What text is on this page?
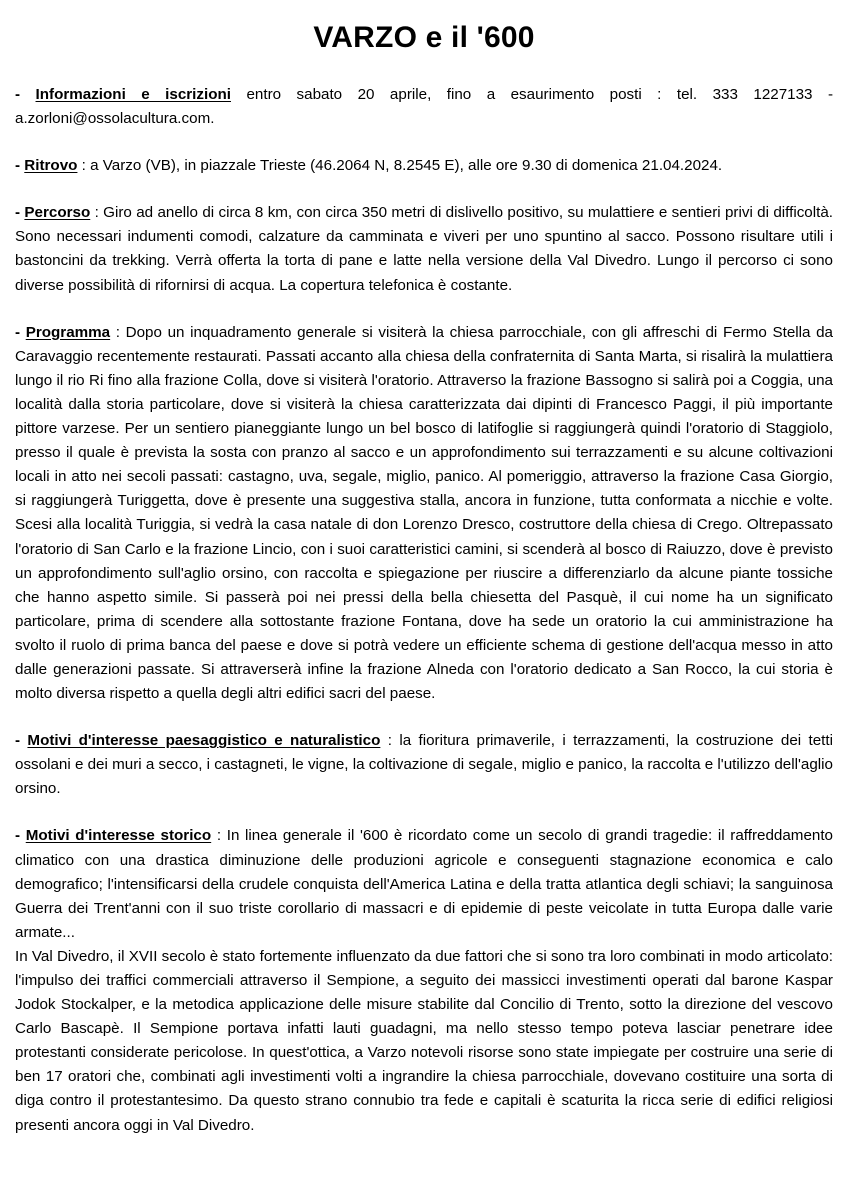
VARZO e il '600

- Informazioni e iscrizioni entro sabato 20 aprile, fino a esaurimento posti : tel. 333 1227133 - a.zorloni@ossolacultura.com.

- Ritrovo : a Varzo (VB), in piazzale Trieste (46.2064 N, 8.2545 E), alle ore 9.30 di domenica 21.04.2024.

- Percorso : Giro ad anello di circa 8 km, con circa 350 metri di dislivello positivo, su mulattiere e sentieri privi di difficoltà. Sono necessari indumenti comodi, calzature da camminata e viveri per uno spuntino al sacco. Possono risultare utili i bastoncini da trekking. Verrà offerta la torta di pane e latte nella versione della Val Divedro. Lungo il percorso ci sono diverse possibilità di rifornirsi di acqua. La copertura telefonica è costante.

- Programma : Dopo un inquadramento generale si visiterà la chiesa parrocchiale, con gli affreschi di Fermo Stella da Caravaggio recentemente restaurati. Passati accanto alla chiesa della confraternita di Santa Marta, si risalirà la mulattiera lungo il rio Ri fino alla frazione Colla, dove si visiterà l'oratorio. Attraverso la frazione Bassogno si salirà poi a Coggia, una località dalla storia particolare, dove si visiterà la chiesa caratterizzata dai dipinti di Francesco Paggi, il più importante pittore varzese. Per un sentiero pianeggiante lungo un bel bosco di latifoglie si raggiungerà quindi l'oratorio di Staggiolo, presso il quale è prevista la sosta con pranzo al sacco e un approfondimento sui terrazzamenti e su alcune coltivazioni locali in atto nei secoli passati: castagno, uva, segale, miglio, panico. Al pomeriggio, attraverso la frazione Casa Giorgio, si raggiungerà Turiggetta, dove è presente una suggestiva stalla, ancora in funzione, tutta conformata a nicchie e volte. Scesi alla località Turiggia, si vedrà la casa natale di don Lorenzo Dresco, costruttore della chiesa di Crego. Oltrepassato l'oratorio di San Carlo e la frazione Lincio, con i suoi caratteristici camini, si scenderà al bosco di Raiuzzo, dove è previsto un approfondimento sull'aglio orsino, con raccolta e spiegazione per riuscire a differenziarlo da alcune piante tossiche che hanno aspetto simile. Si passerà poi nei pressi della bella chiesetta del Pasquè, il cui nome ha un significato particolare, prima di scendere alla sottostante frazione Fontana, dove ha sede un oratorio la cui amministrazione ha svolto il ruolo di prima banca del paese e dove si potrà vedere un efficiente schema di gestione dell'acqua messo in atto dalle generazioni passate. Si attraverserà infine la frazione Alneda con l'oratorio dedicato a San Rocco, la cui storia è molto diversa rispetto a quella degli altri edifici sacri del paese.

- Motivi d'interesse paesaggistico e naturalistico : la fioritura primaverile, i terrazzamenti, la costruzione dei tetti ossolani e dei muri a secco, i castagneti, le vigne, la coltivazione di segale, miglio e panico, la raccolta e l'utilizzo dell'aglio orsino.

- Motivi d'interesse storico : In linea generale il '600 è ricordato come un secolo di grandi tragedie: il raffreddamento climatico con una drastica diminuzione delle produzioni agricole e conseguenti stagnazione economica e calo demografico; l'intensificarsi della crudele conquista dell'America Latina e della tratta atlantica degli schiavi; la sanguinosa Guerra dei Trent'anni con il suo triste corollario di massacri e di epidemie di peste veicolate in tutta Europa dalle varie armate...

In Val Divedro, il XVII secolo è stato fortemente influenzato da due fattori che si sono tra loro combinati in modo articolato: l'impulso dei traffici commerciali attraverso il Sempione, a seguito dei massicci investimenti operati dal barone Kaspar Jodok Stockalper, e la metodica applicazione delle misure stabilite dal Concilio di Trento, sotto la direzione del vescovo Carlo Bascapè. Il Sempione portava infatti lauti guadagni, ma nello stesso tempo poteva lasciar penetrare idee protestanti considerate pericolose. In quest'ottica, a Varzo notevoli risorse sono state impiegate per costruire una serie di ben 17 oratori che, combinati agli investimenti volti a ingrandire la chiesa parrocchiale, dovevano costituire una sorta di diga contro il protestantesimo. Da questo strano connubio tra fede e capitali è scaturita la ricca serie di edifici religiosi presenti ancora oggi in Val Divedro.
